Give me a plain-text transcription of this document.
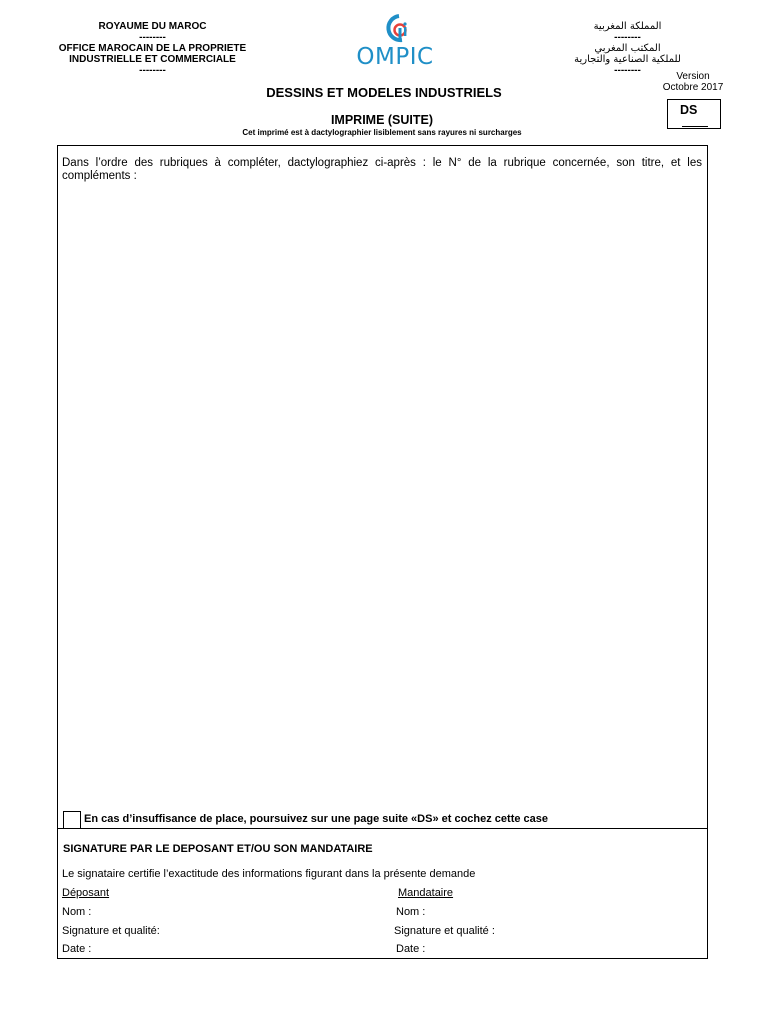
ROYAUME DU MAROC
--------
OFFICE MAROCAIN DE LA PROPRIETE
INDUSTRIELLE ET COMMERCIALE
--------
OMPIC
المملكة المغربية
--------
المكتب المغربي
للملكية الصناعية والتجارية
--------
Version
Octobre 2017
DESSINS ET MODELES INDUSTRIELS
IMPRIME (SUITE)
Cet imprimé est à dactylographier lisiblement sans rayures ni surcharges
DS
Dans l’ordre des rubriques à compléter, dactylographiez ci-après : le N° de la rubrique concernée, son titre, et les compléments :
En cas d’insuffisance de place, poursuivez sur une page suite «DS» et cochez cette case
SIGNATURE PAR LE DEPOSANT ET/OU SON MANDATAIRE
Le signataire certifie l’exactitude des informations figurant dans la présente demande
Déposant
Nom :
Signature et qualité:
Date :
Mandataire
Nom :
Signature et qualité :
Date :
